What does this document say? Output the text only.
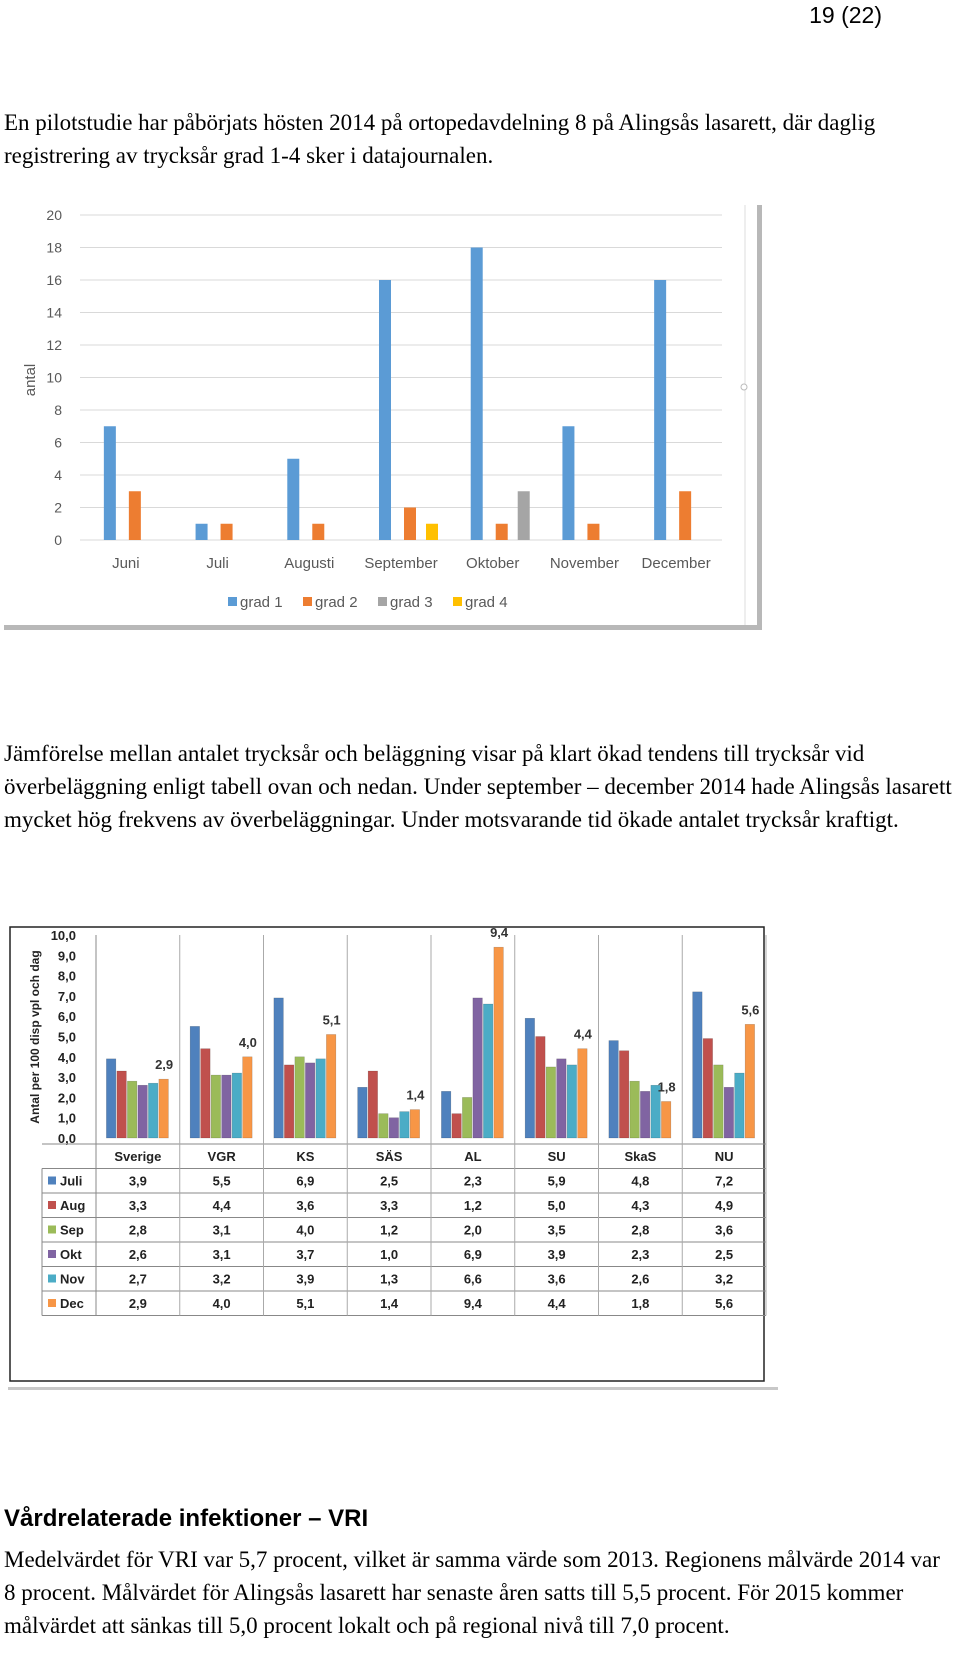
19 (22)

En pilotstudie har påbörjats hösten 2014 på ortopedavdelning 8 på Alingsås lasarett, där daglig registrering av trycksår grad 1-4 sker i datajournalen.

0
2
4
6
8
10
12
14
16
18
20
antal
Juni	Juli	Augusti September Oktober November December
grad 1 grad 2 grad 3 grad 4

Jämförelse mellan antalet trycksår och beläggning visar på klart ökad tendens till trycksår vid överbeläggning enligt tabell ovan och nedan. Under september – december 2014 hade Alingsås lasarett mycket hög frekvens av överbeläggningar. Under motsvarande tid ökade antalet trycksår kraftigt.

0,0
1,0
2,0
3,0
4,0
5,0
6,0
7,0
8,0
9,0
10,0
Antal per 100 disp vpl och dag
3,9
3,3
2,8
2,6
2,7
2,9
2,9
Sverige
5,5
4,4
3,1
3,1
3,2
4,0
4,0
VGR
6,9
3,6
4,0
3,7
3,9
5,1
5,1
KS
2,5
3,3
1,2
1,0
1,3
1,4
1,4
SÄS
2,3
1,2
2,0
6,9
6,6
9,4
9,4
AL
5,9
5,0
3,5
3,9
3,6
4,4
4,4
SU
4,8
4,3
2,8
2,3
2,6
1,8
1,8
SkaS
7,2
4,9
3,6
2,5
3,2
5,6
5,6
NU
Juli
Aug
Sep
Okt
Nov
Dec
Vårdrelaterade infektioner – VRI

Medelvärdet för VRI var 5,7 procent, vilket är samma värde som 2013. Regionens målvärde 2014 var 8 procent. Målvärdet för Alingsås lasarett har senaste åren satts till 5,5 procent. För 2015 kommer målvärdet att sänkas till 5,0 procent lokalt och på regional nivå till 7,0 procent.
